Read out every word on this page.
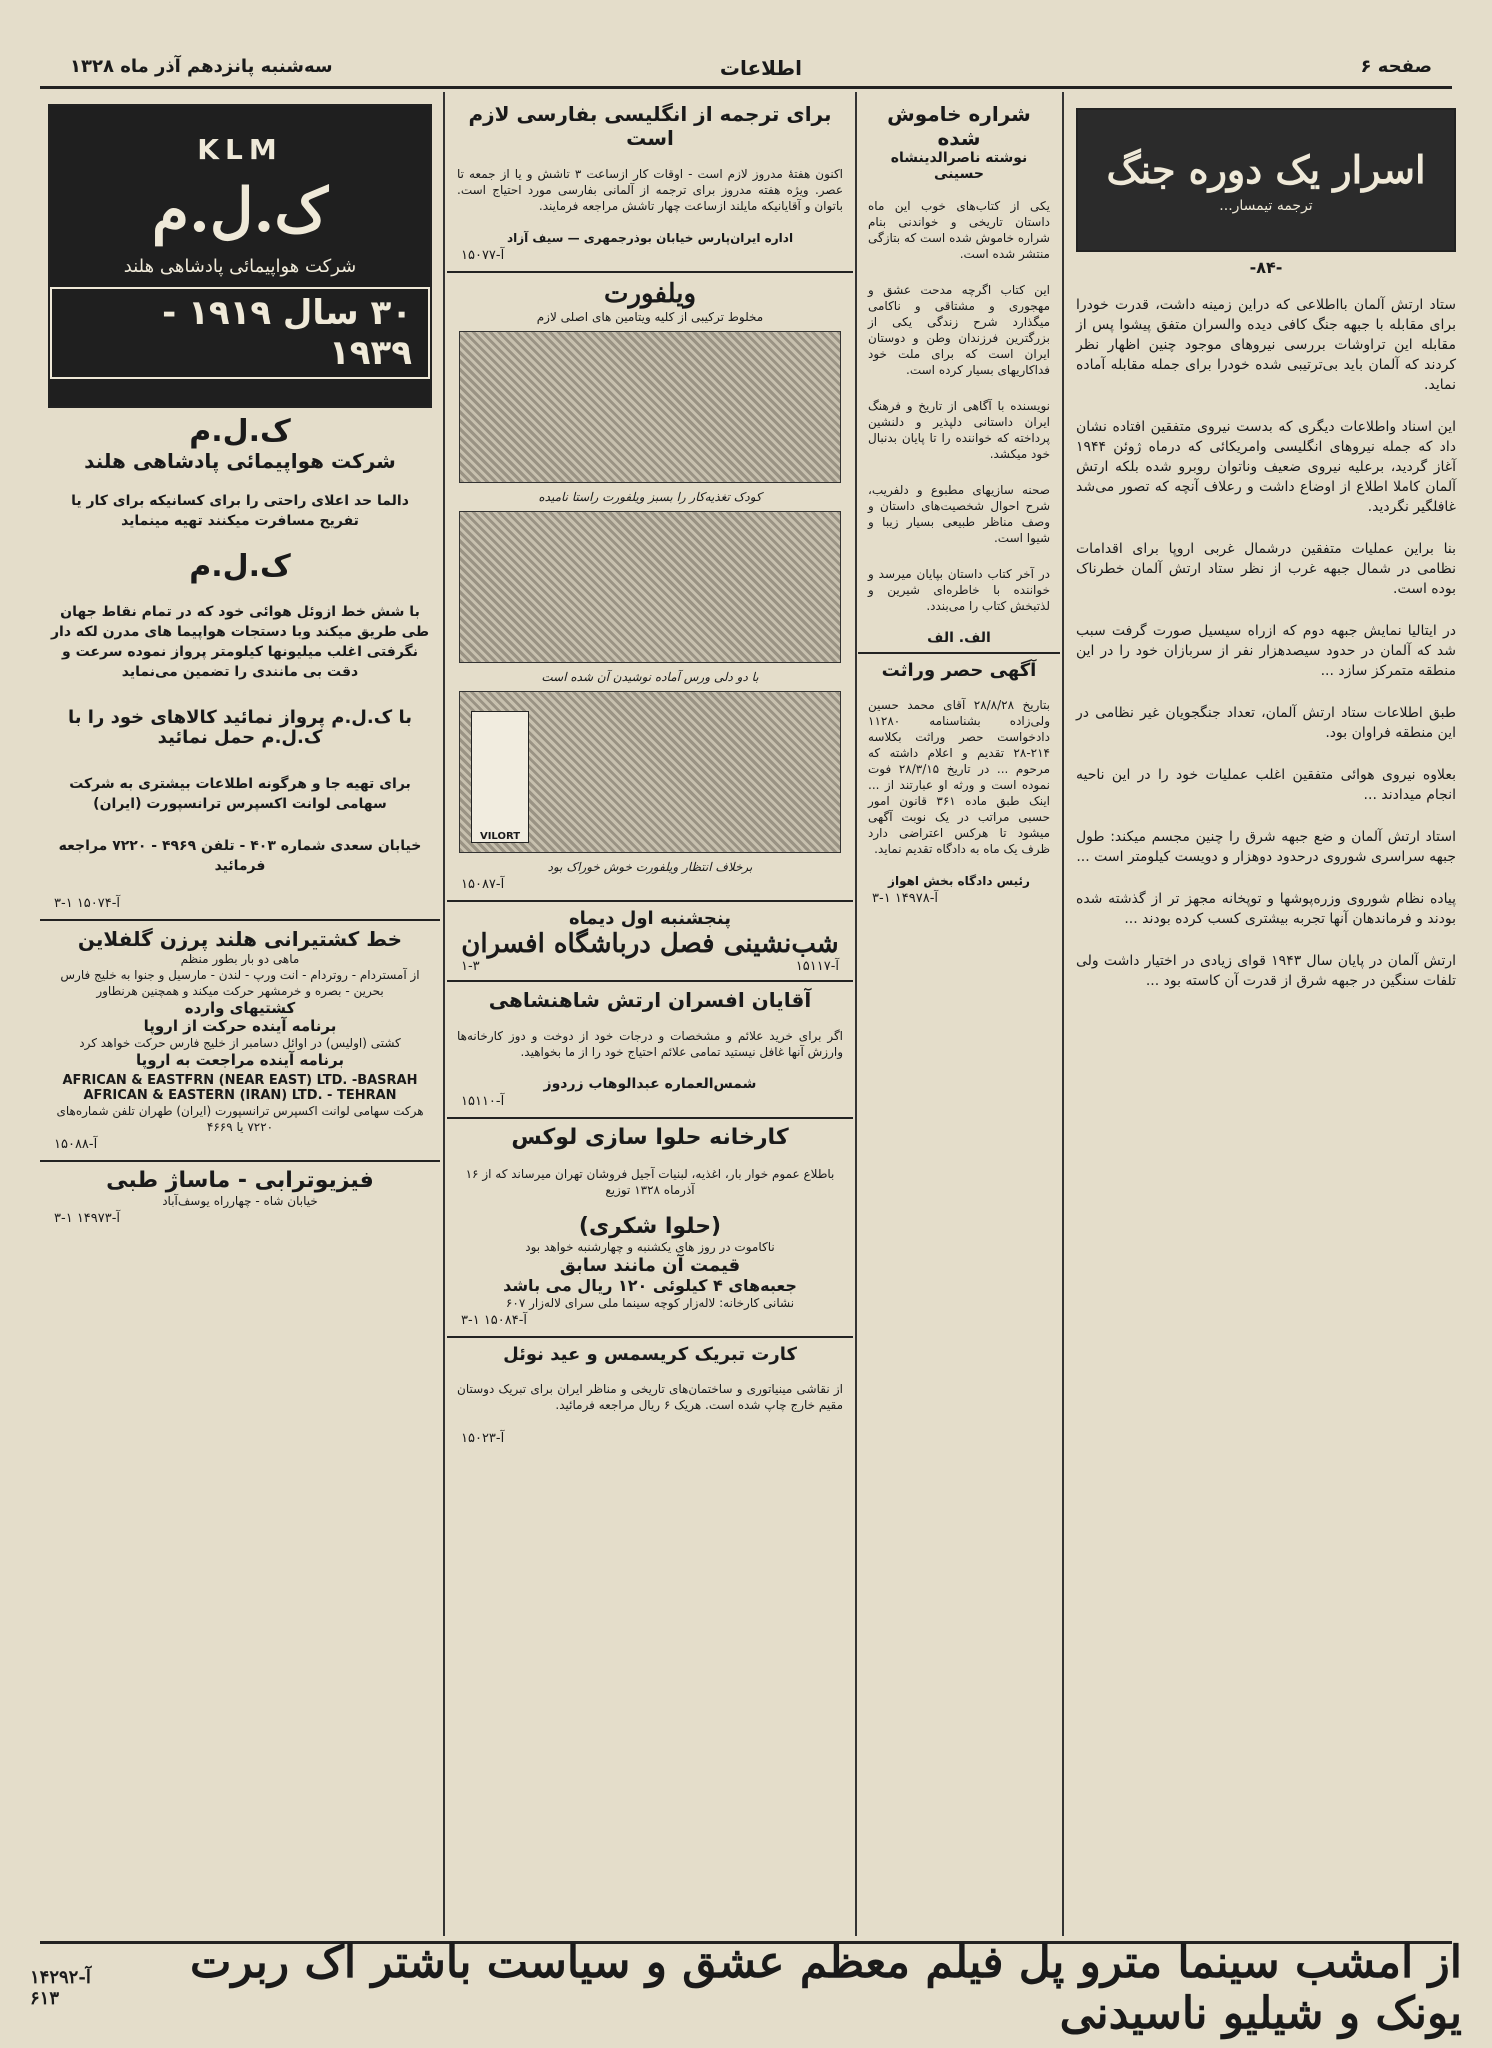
صفحه ۶
اطلاعات
سه‌شنبه پانزدهم آذر ماه ۱۳۲۸
اسرار یک دوره جنگ
ترجمه تیمسار...
-۸۴-

ستاد ارتش آلمان بااطلاعی که دراین زمینه داشت، قدرت خودرا برای مقابله با جبهه جنگ کافی دیده والسران متفق پیشوا پس از مقابله این تراوشات بررسی نیروهای موجود چنین اظهار نظر کردند که آلمان باید بی‌ترتیبی شده خودرا برای جمله مقابله آماده نماید.

این اسناد واطلاعات دیگری که بدست نیروی متفقین افتاده نشان داد که جمله نیروهای انگلیسی وامریکائی که درماه ژوئن ۱۹۴۴ آغاز گردید، برعلیه نیروی ضعیف وناتوان روبرو شده بلکه ارتش آلمان کاملا اطلاع از اوضاع داشت و رعلاف آنچه که تصور می‌شد غافلگیر نگردید.

بنا براین عملیات متفقین درشمال غربی اروپا برای اقدامات نظامی در شمال جبهه غرب از نظر ستاد ارتش آلمان خطرناک بوده است.

در ایتالیا نمایش جبهه دوم که ازراه سیسیل صورت گرفت سبب شد که آلمان در حدود سیصدهزار نفر از سربازان خود را در این منطقه متمرکز سازد ...

طبق اطلاعات ستاد ارتش آلمان، تعداد جنگجویان غیر نظامی در این منطقه فراوان بود.

بعلاوه نیروی هوائی متفقین اغلب عملیات خود را در این ناحیه انجام میدادند ...

استاد ارتش آلمان و ضع جبهه شرق را چنین مجسم میکند: طول جبهه سراسری شوروی درحدود دوهزار و دویست کیلومتر است ...

پیاده نظام شوروی وزره‌پوشها و توپخانه مجهز تر از گذشته شده بودند و فرماندهان آنها تجربه بیشتری کسب کرده بودند ...

ارتش آلمان در پایان سال ۱۹۴۳ قوای زیادی در اختیار داشت ولی تلفات سنگین در جبهه شرق از قدرت آن کاسته بود ...

شراره خاموش شده
نوشته ناصرالدینشاه حسینی

یکی از کتاب‌های خوب این ماه داستان تاریخی و خواندنی بنام شراره خاموش شده است که بتازگی منتشر شده است.

این کتاب اگرچه مدحت عشق و مهجوری و مشتاقی و ناکامی میگذارد شرح زندگی یکی از بزرگترین فرزندان وطن و دوستان ایران است که برای ملت خود فداکاریهای بسیار کرده است.

نویسنده با آگاهی از تاریخ و فرهنگ ایران داستانی دلپذیر و دلنشین پرداخته که خواننده را تا پایان بدنبال خود میکشد.

صحنه سازیهای مطبوع و دلفریب، شرح احوال شخصیت‌های داستان و وصف مناظر طبیعی بسیار زیبا و شیوا است.

در آخر کتاب داستان بپایان میرسد و خواننده با خاطره‌ای شیرین و لذتبخش کتاب را می‌بندد.

الف. الف
آگهی حصر وراثت

بتاریخ ۲۸/۸/۲۸ آقای محمد حسین ولی‌زاده بشناسنامه ۱۱۲۸۰ دادخواست حصر وراثت بکلاسه ۲۱۴-۲۸ تقدیم و اعلام داشته که مرحوم ... در تاریخ ۲۸/۳/۱۵ فوت نموده است و ورثه او عبارتند از ... اینک طبق ماده ۳۶۱ قانون امور حسبی مراتب در یک نوبت آگهی میشود تا هرکس اعتراضی دارد ظرف یک ماه به دادگاه تقدیم نماید.

رئیس دادگاه بخش اهواز
آ-۱۴۹۷۸ ۱-۳
برای ترجمه از انگلیسی بفارسی لازم است

اکنون هفتۀ مدروز لازم است - اوقات کار ازساعت ۳ تاشش و یا از جمعه تا عصر. ویژه هفته مدروز برای ترجمه از آلمانی بفارسی مورد احتیاج است. باتوان و آقایانیکه مایلند ازساعت چهار تاشش مراجعه فرمایند.

اداره ایران‌پارس خیابان بوذرجمهری — سیف آزاد
آ-۱۵۰۷۷
ویلفورت
مخلوط ترکیبی از کلیه ویتامین های اصلی لازم
کودک تغذیه‌کار را بسبز ویلفورت راستا نامیده
با دو دلی ورس آماده نوشیدن آن شده است
VILORT
برخلاف انتظار ویلفورت خوش خوراک بود
آ-۱۵۰۸۷
پنجشنبه اول دیماه
شب‌نشینی فصل درباشگاه افسران
۱-۳	آ-۱۵۱۱۷
آقایان افسران ارتش شاهنشاهی

اگر برای خرید علائم و مشخصات و درجات خود از دوخت و دوز کارخانه‌ها وارزش آنها غافل نیستید تمامی علائم احتیاج خود را از ما بخواهید.

شمس‌العماره عبدالوهاب زردوز
آ-۱۵۱۱۰
کارخانه حلوا سازی لوکس

باطلاع عموم خوار بار، اغذیه، لبنیات آجیل فروشان تهران میرساند که از ۱۶ آذرماه ۱۳۲۸ توزیع

(حلوا شکری)
ناکاموت در روز های یکشنبه و چهارشنبه خواهد بود
قیمت آن مانند سابق
جعبه‌های ۴ کیلوئی ۱۲۰ ریال می باشد
نشانی کارخانه: لاله‌زار کوچه سینما ملی سرای لاله‌زار ۶۰۷
آ-۱۵۰۸۴ ۱-۳
کارت تبریک کریسمس و عید نوئل

از نقاشی مینیاتوری و ساختمان‌های تاریخی و مناظر ایران برای تبریک دوستان مقیم خارج چاپ شده است. هریک ۶ ریال مراجعه فرمائید.

آ-۱۵۰۲۳
KLM
ک.ل.م
شرکت هواپیمائی پادشاهی هلند
۳۰ سال ۱۹۱۹ - ۱۹۳۹
ک.ل.م
شرکت هواپیمائی پادشاهی هلند

دالما حد اعلای راحتی را برای کسانیکه برای کار یا تفریح مسافرت میکنند تهیه مینماید

ک.ل.م

با شش خط ازوئل هوائی خود که در تمام نقاط جهان طی طریق میکند وبا دستجات هواپیما های مدرن لکه دار نگرفتی اغلب میلیونها کیلومتر پرواز نموده سرعت و دقت بی مانندی را تضمین می‌نماید

با ک.ل.م پرواز نمائید کالاهای خود را با ک.ل.م حمل نمائید

برای تهیه جا و هرگونه اطلاعات بیشتری به شرکت سهامی لوانت اکسپرس ترانسپورت (ایران)

خیابان سعدی شماره ۴۰۳ - تلفن ۴۹۶۹ - ۷۲۲۰ مراجعه فرمائید

آ-۱۵۰۷۴ ۱-۳
خط کشتیرانی هلند پرزن گلفلاین
ماهی دو بار بطور منظم
از آمستردام - روتردام - انت ورپ - لندن - مارسیل و جنوا به خلیج فارس
بحرین - بصره و خرمشهر حرکت میکند و همچنین هرنطاور
کشتیهای وارده
برنامه آینده حرکت از اروپا
کشتی (اولیس) در اوائل دسامبر از خلیج فارس حرکت خواهد کرد
برنامه آینده مراجعت به اروپا
AFRICAN & EASTFRN (NEAR EAST) LTD. -BASRAH
AFRICAN & EASTERN (IRAN) LTD. - TEHRAN
هرکت سهامی لوانت اکسپرس ترانسپورت (ایران) طهران تلفن شماره‌های ۷۲۲۰ یا ۴۶۶۹
آ-۱۵۰۸۸
فیزیوترابی - ماساژ طبی
خیابان شاه - چهارراه یوسف‌آباد
آ-۱۴۹۷۳ ۱-۳
از امشب سینما مترو پل فیلم معظم عشق و سیاست باشتر اک ربرت یونک و شیلیو ناسیدنی
آ-۱۴۲۹۲ ۶۱۳
